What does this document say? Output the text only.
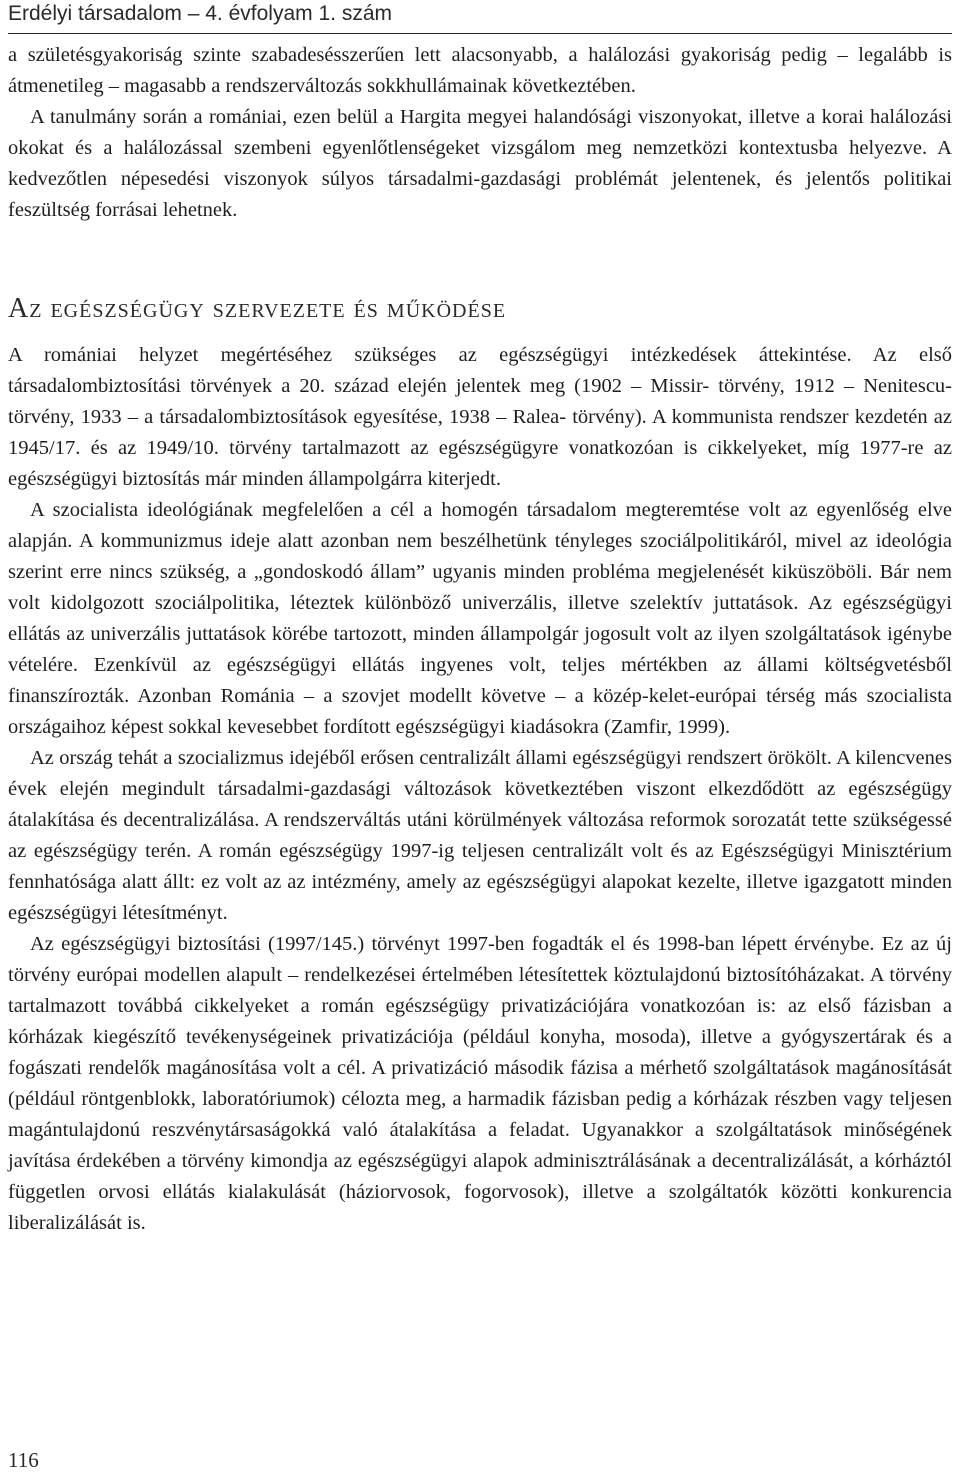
Erdélyi társadalom – 4. évfolyam 1. szám

a születésgyakoriság szinte szabadesésszerűen lett alacsonyabb, a halálozási gyakoriság pedig – legalább is átmenetileg – magasabb a rendszerváltozás sokkhullámainak következtében.

A tanulmány során a romániai, ezen belül a Hargita megyei halandósági viszonyokat, illetve a korai halálozási okokat és a halálozással szembeni egyenlőtlenségeket vizsgálom meg nemzetközi kontextusba helyezve. A kedvezőtlen népesedési viszonyok súlyos társadalmi-gazdasági problémát jelentenek, és jelentős politikai feszültség forrásai lehetnek.

Az egészségügy szervezete és működése

A romániai helyzet megértéséhez szükséges az egészségügyi intézkedések áttekintése. Az első társadalombiztosítási törvények a 20. század elején jelentek meg (1902 – Missir- törvény, 1912 – Nenitescu-törvény, 1933 – a társadalombiztosítások egyesítése, 1938 – Ralea- törvény). A kommunista rendszer kezdetén az 1945/17. és az 1949/10. törvény tartalmazott az egészségügyre vonatkozóan is cikkelyeket, míg 1977-re az egészségügyi biztosítás már minden állampolgárra kiterjedt.

A szocialista ideológiának megfelelően a cél a homogén társadalom megteremtése volt az egyenlőség elve alapján. A kommunizmus ideje alatt azonban nem beszélhetünk tényleges szociálpolitikáról, mivel az ideológia szerint erre nincs szükség, a „gondoskodó állam” ugyanis minden probléma megjelenését kiküszöböli. Bár nem volt kidolgozott szociálpolitika, léteztek különböző univerzális, illetve szelektív juttatások. Az egészségügyi ellátás az univerzális juttatások körébe tartozott, minden állampolgár jogosult volt az ilyen szolgáltatások igénybe vételére. Ezenkívül az egészségügyi ellátás ingyenes volt, teljes mértékben az állami költségvetésből finanszírozták. Azonban Románia – a szovjet modellt követve – a közép-kelet-európai térség más szocialista országaihoz képest sokkal kevesebbet fordított egészségügyi kiadásokra (Zamfir, 1999).

Az ország tehát a szocializmus idejéből erősen centralizált állami egészségügyi rendszert örökölt. A kilencvenes évek elején megindult társadalmi-gazdasági változások következtében viszont elkezdődött az egészségügy átalakítása és decentralizálása. A rendszerváltás utáni körülmények változása reformok sorozatát tette szükségessé az egészségügy terén. A román egészségügy 1997-ig teljesen centralizált volt és az Egészségügyi Minisztérium fennhatósága alatt állt: ez volt az az intézmény, amely az egészségügyi alapokat kezelte, illetve igazgatott minden egészségügyi létesítményt.

Az egészségügyi biztosítási (1997/145.) törvényt 1997-ben fogadták el és 1998-ban lépett érvénybe. Ez az új törvény európai modellen alapult – rendelkezései értelmében létesítettek köztulajdonú biztosítóházakat. A törvény tartalmazott továbbá cikkelyeket a román egészségügy privatizációjára vonatkozóan is: az első fázisban a kórházak kiegészítő tevékenységeinek privatizációja (például konyha, mosoda), illetve a gyógyszertárak és a fogászati rendelők magánosítása volt a cél. A privatizáció második fázisa a mérhető szolgáltatások magánosítását (például röntgenblokk, laboratóriumok) célozta meg, a harmadik fázisban pedig a kórházak részben vagy teljesen magántulajdonú reszvénytársaságokká való átalakítása a feladat. Ugyanakkor a szolgáltatások minőségének javítása érdekében a törvény kimondja az egészségügyi alapok adminisztrálásának a decentralizálását, a kórháztól független orvosi ellátás kialakulását (háziorvosok, fogorvosok), illetve a szolgáltatók közötti konkurencia liberalizálását is.

116
